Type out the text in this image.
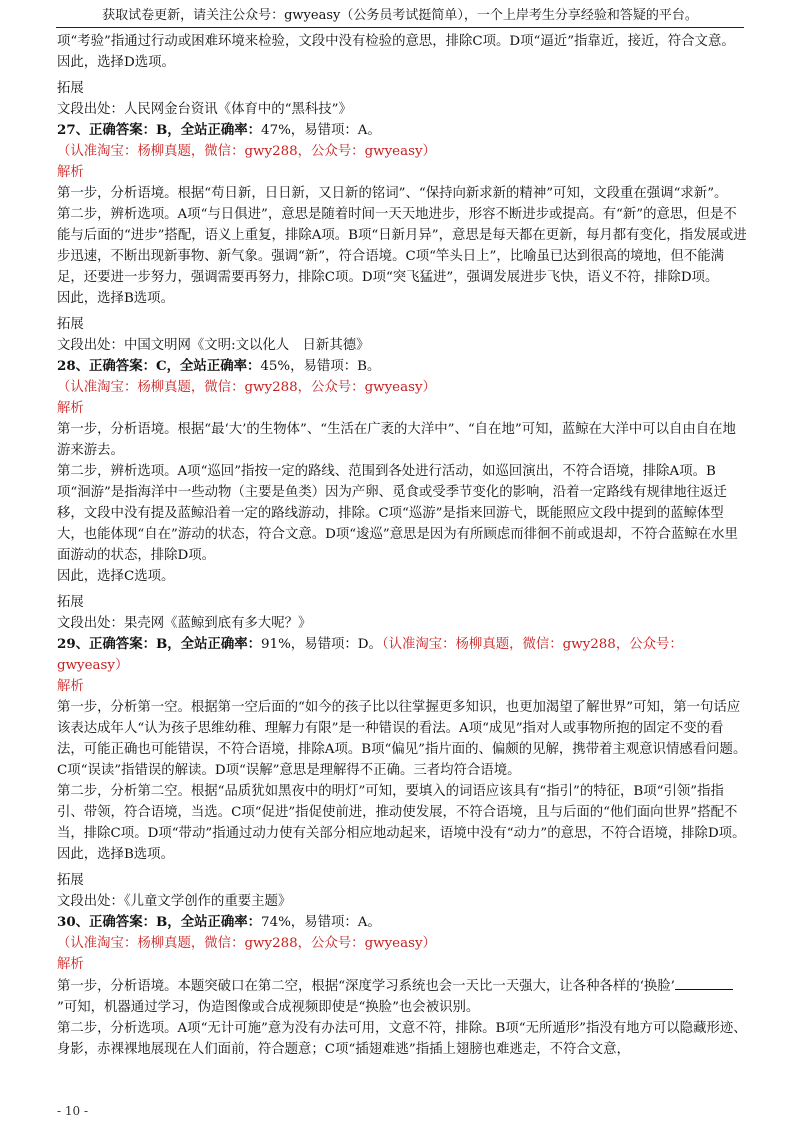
获取试卷更新，请关注公众号：gwyeasy（公务员考试挺简单），一个上岸考生分享经验和答疑的平台。

项“考验”指通过行动或困难环境来检验，文段中没有检验的意思，排除C项。D项“逼近”指靠近，接近，符合文意。

因此，选择D选项。

拓展

文段出处：人民网金台资讯《体育中的“黑科技”》

27、正确答案：B，全站正确率：47%，易错项：A。（认准淘宝：杨柳真题，微信：gwy288，公众号：gwyeasy）

解析

第一步，分析语境。根据“苟日新，日日新，又日新的铭词”、“保持向新求新的精神”可知，文段重在强调“求新”。

第二步，辨析选项。A项“与日俱进”，意思是随着时间一天天地进步，形容不断进步或提高。有“新”的意思，但是不能与后面的“进步”搭配，语义上重复，排除A项。B项“日新月异”，意思是每天都在更新，每月都有变化，指发展或进步迅速，不断出现新事物、新气象。强调“新”，符合语境。C项“竿头日上”，比喻虽已达到很高的境地，但不能满足，还要进一步努力，强调需要再努力，排除C项。D项“突飞猛进”，强调发展进步飞快，语义不符，排除D项。

因此，选择B选项。

拓展

文段出处：中国文明网《文明:文以化人　日新其德》

28、正确答案：C，全站正确率：45%，易错项：B。（认准淘宝：杨柳真题，微信：gwy288，公众号：gwyeasy）

解析

第一步，分析语境。根据“最‘大’的生物体”、“生活在广袤的大洋中”、“自在地”可知，蓝鲸在大洋中可以自由自在地游来游去。

第二步，辨析选项。A项“巡回”指按一定的路线、范围到各处进行活动，如巡回演出，不符合语境，排除A项。B项“洄游”是指海洋中一些动物（主要是鱼类）因为产卵、觅食或受季节变化的影响，沿着一定路线有规律地往返迁移，文段中没有提及蓝鲸沿着一定的路线游动，排除。C项“巡游”是指来回游弋，既能照应文段中提到的蓝鲸体型大，也能体现“自在”游动的状态，符合文意。D项“逡巡”意思是因为有所顾虑而徘徊不前或退却，不符合蓝鲸在水里面游动的状态，排除D项。

因此，选择C选项。

拓展

文段出处：果壳网《蓝鲸到底有多大呢？》

29、正确答案：B，全站正确率：91%，易错项：D。（认准淘宝：杨柳真题，微信：gwy288，公众号：gwyeasy）

解析

第一步，分析第一空。根据第一空后面的“如今的孩子比以往掌握更多知识，也更加渴望了解世界”可知，第一句话应该表达成年人“认为孩子思维幼稚、理解力有限”是一种错误的看法。A项“成见”指对人或事物所抱的固定不变的看法，可能正确也可能错误，不符合语境，排除A项。B项“偏见”指片面的、偏颇的见解，携带着主观意识情感看问题。C项“误读”指错误的解读。D项“误解”意思是理解得不正确。三者均符合语境。

第二步，分析第二空。根据“品质犹如黑夜中的明灯”可知，要填入的词语应该具有“指引”的特征，B项“引领”指指引、带领，符合语境，当选。C项“促进”指促使前进，推动使发展，不符合语境，且与后面的“他们面向世界”搭配不当，排除C项。D项“带动”指通过动力使有关部分相应地动起来，语境中没有“动力”的意思，不符合语境，排除D项。

因此，选择B选项。

拓展

文段出处：《儿童文学创作的重要主题》

30、正确答案：B，全站正确率：74%，易错项：A。（认准淘宝：杨柳真题，微信：gwy288，公众号：gwyeasy）

解析

第一步，分析语境。本题突破口在第二空，根据“深度学习系统也会一天比一天强大，让各种各样的‘换脸’”可知，机器通过学习，伪造图像或合成视频即使是“换脸”也会被识别。

第二步，分析选项。A项“无计可施”意为没有办法可用，文意不符，排除。B项“无所遁形”指没有地方可以隐藏形迹、身影，赤裸裸地展现在人们面前，符合题意；C项“插翅难逃”指插上翅膀也难逃走，不符合文意，

- 10 -
